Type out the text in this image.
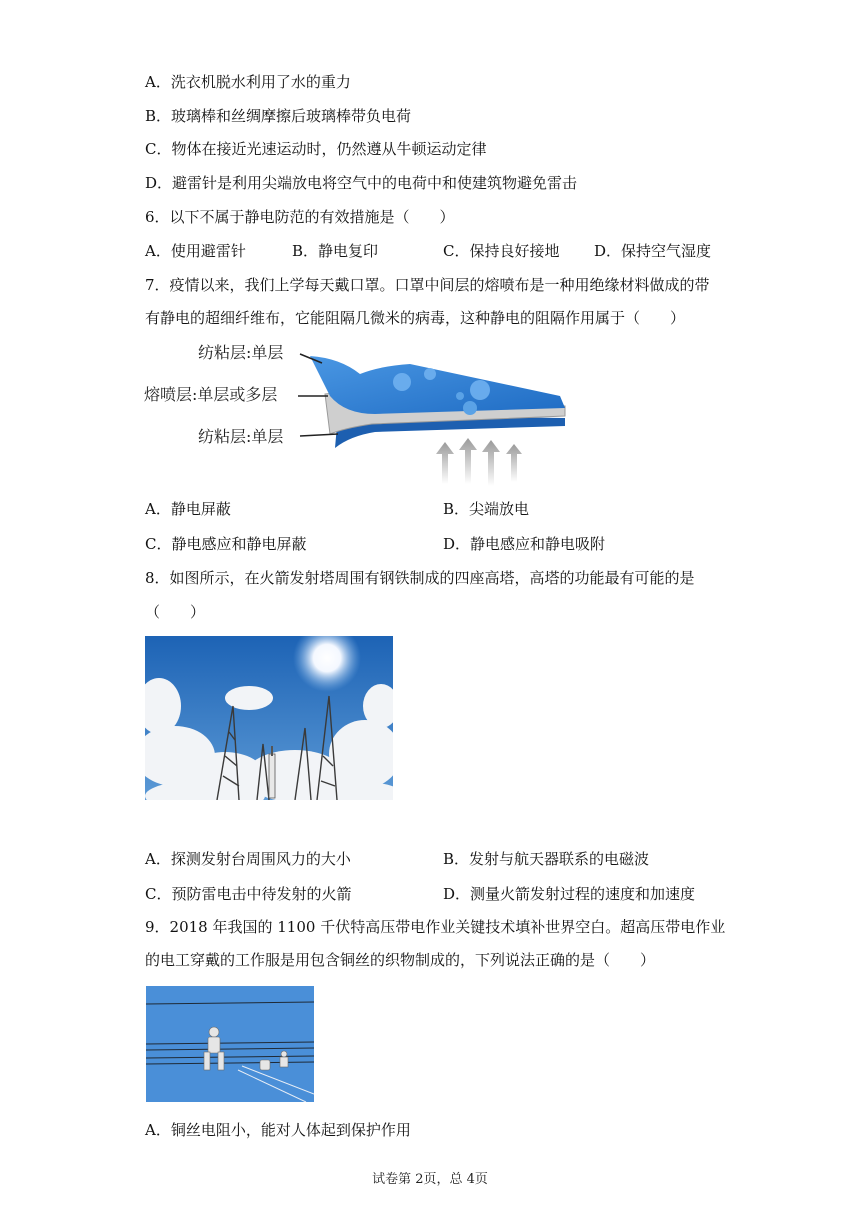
A．洗衣机脱水利用了水的重力
B．玻璃棒和丝绸摩擦后玻璃棒带负电荷
C．物体在接近光速运动时，仍然遵从牛顿运动定律
D．避雷针是利用尖端放电将空气中的电荷中和使建筑物避免雷击
6．以下不属于静电防范的有效措施是（　　）
A．使用避雷针	B．静电复印	C．保持良好接地 D．保持空气湿度
7．疫情以来，我们上学每天戴口罩。口罩中间层的熔喷布是一种用绝缘材料做成的带
有静电的超细纤维布，它能阻隔几微米的病毒，这种静电的阻隔作用属于（　　）
纺粘层:单层
熔喷层:单层或多层
纺粘层:单层
A．静电屏蔽	B．尖端放电
C．静电感应和静电屏蔽	D．静电感应和静电吸附
8．如图所示，在火箭发射塔周围有钢铁制成的四座高塔，高塔的功能最有可能的是
（　　）
A．探测发射台周围风力的大小	B．发射与航天器联系的电磁波
C．预防雷电击中待发射的火箭	D．测量火箭发射过程的速度和加速度
9．2018 年我国的 1100 千伏特高压带电作业关键技术填补世界空白。超高压带电作业
的电工穿戴的工作服是用包含铜丝的织物制成的，下列说法正确的是（　　）
A．铜丝电阻小，能对人体起到保护作用
试卷第 2页，总 4页
